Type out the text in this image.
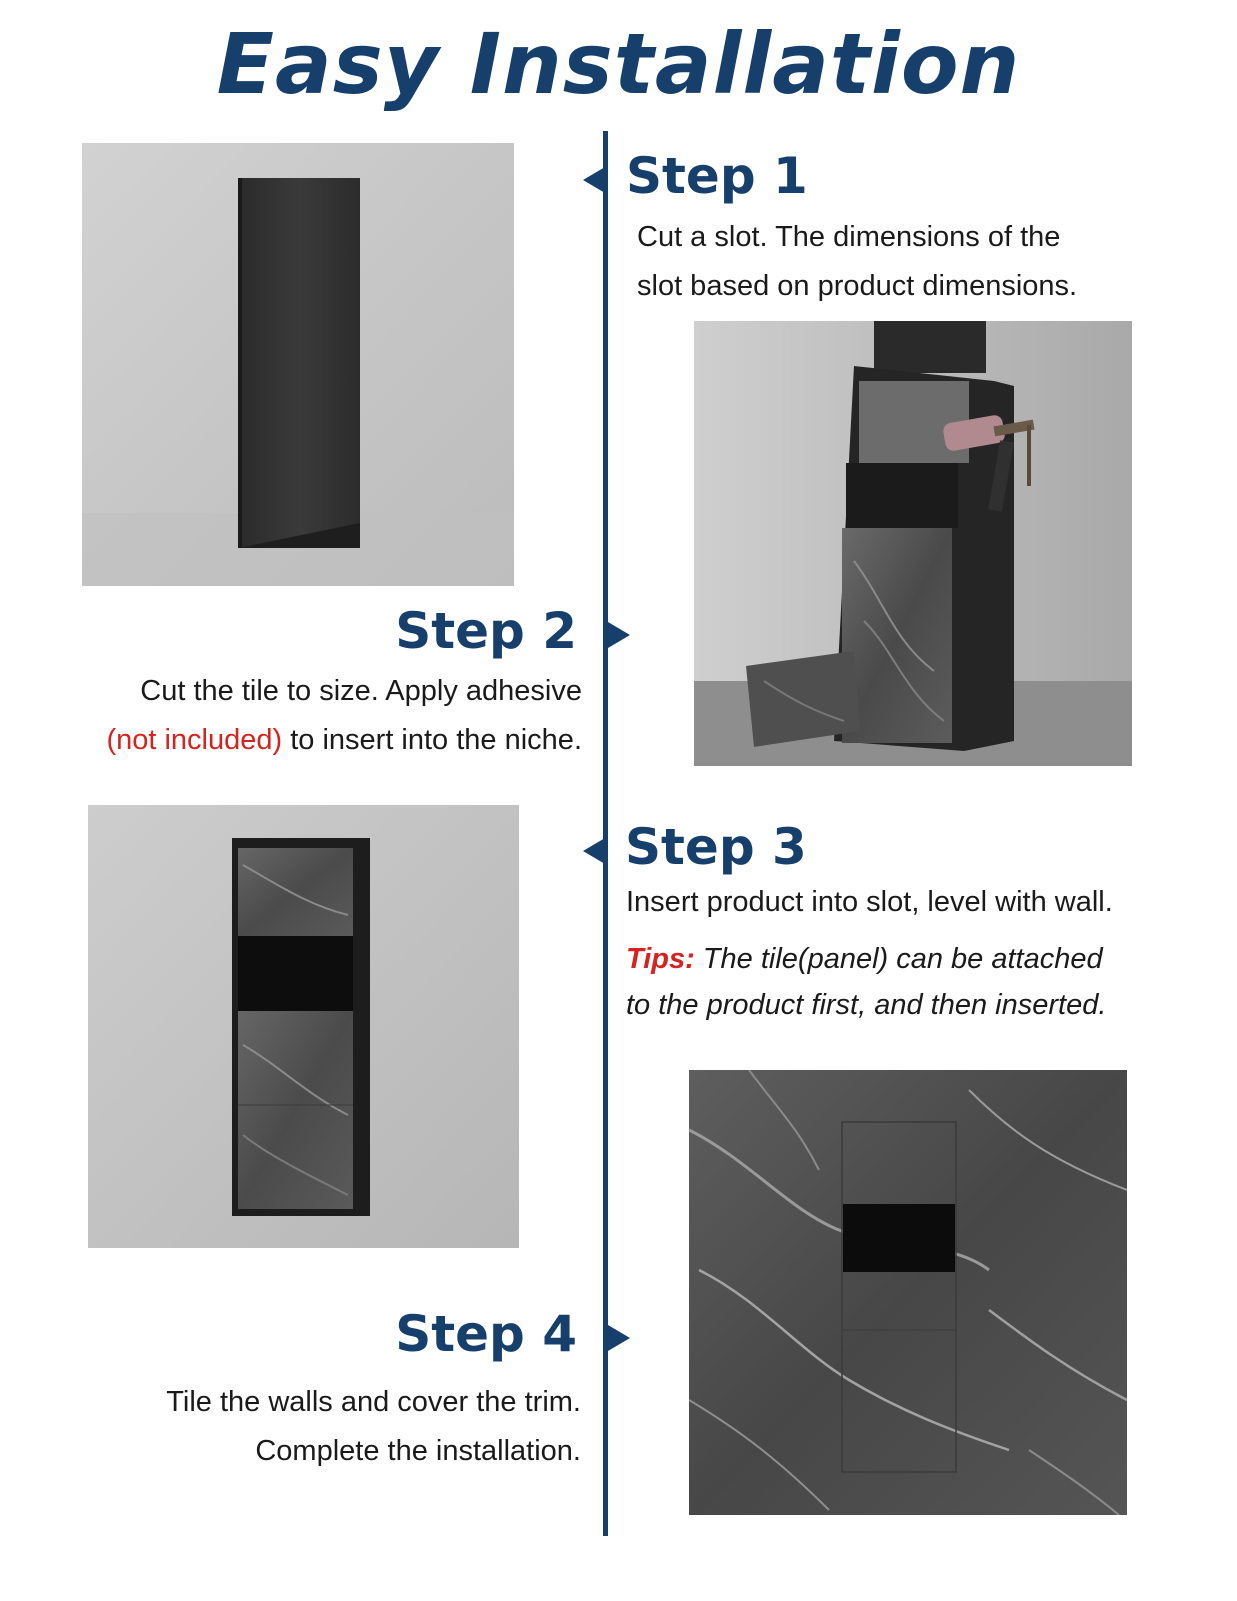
Easy Installation
Step 1
Cut a slot. The dimensions of the
slot based on product dimensions.
Step 2
Cut the tile to size. Apply adhesive
(not included) to insert into the niche.
Step 3
Insert product into slot, level with wall.
Tips: The tile(panel) can be attached
to the product first, and then inserted.
Step 4
Tile the walls and cover the trim.
Complete the installation.
